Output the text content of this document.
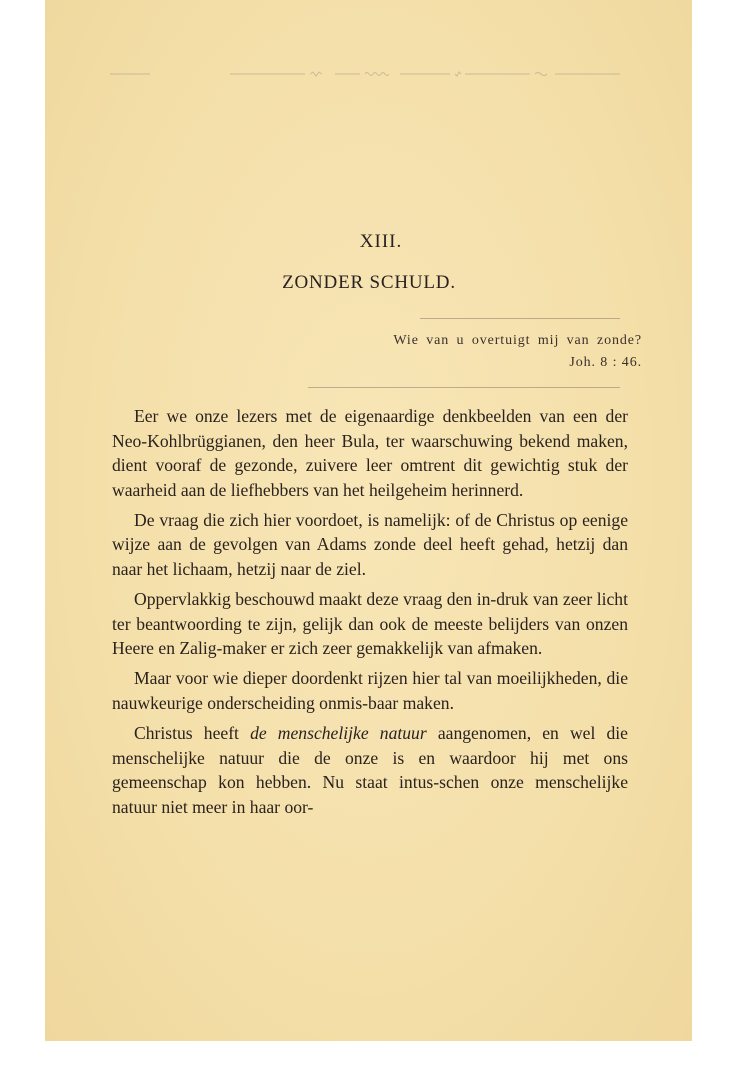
XIII.
ZONDER SCHULD.
Wie van u overtuigt mij van zonde?
Joh. 8 : 46.

Eer we onze lezers met de eigenaardige denkbeelden van een der Neo-Kohlbrüggianen, den heer Bula, ter waarschuwing bekend maken, dient vooraf de gezonde, zuivere leer omtrent dit gewichtig stuk der waarheid aan de liefhebbers van het heilgeheim herinnerd.

De vraag die zich hier voordoet, is namelijk: of de Christus op eenige wijze aan de gevolgen van Adams zonde deel heeft gehad, hetzij dan naar het lichaam, hetzij naar de ziel.

Oppervlakkig beschouwd maakt deze vraag den in-druk van zeer licht ter beantwoording te zijn, gelijk dan ook de meeste belijders van onzen Heere en Zalig-maker er zich zeer gemakkelijk van afmaken.

Maar voor wie dieper doordenkt rijzen hier tal van moeilijkheden, die nauwkeurige onderscheiding onmis-baar maken.

Christus heeft de menschelijke natuur aangenomen, en wel die menschelijke natuur die de onze is en waardoor hij met ons gemeenschap kon hebben. Nu staat intus-schen onze menschelijke natuur niet meer in haar oor-
